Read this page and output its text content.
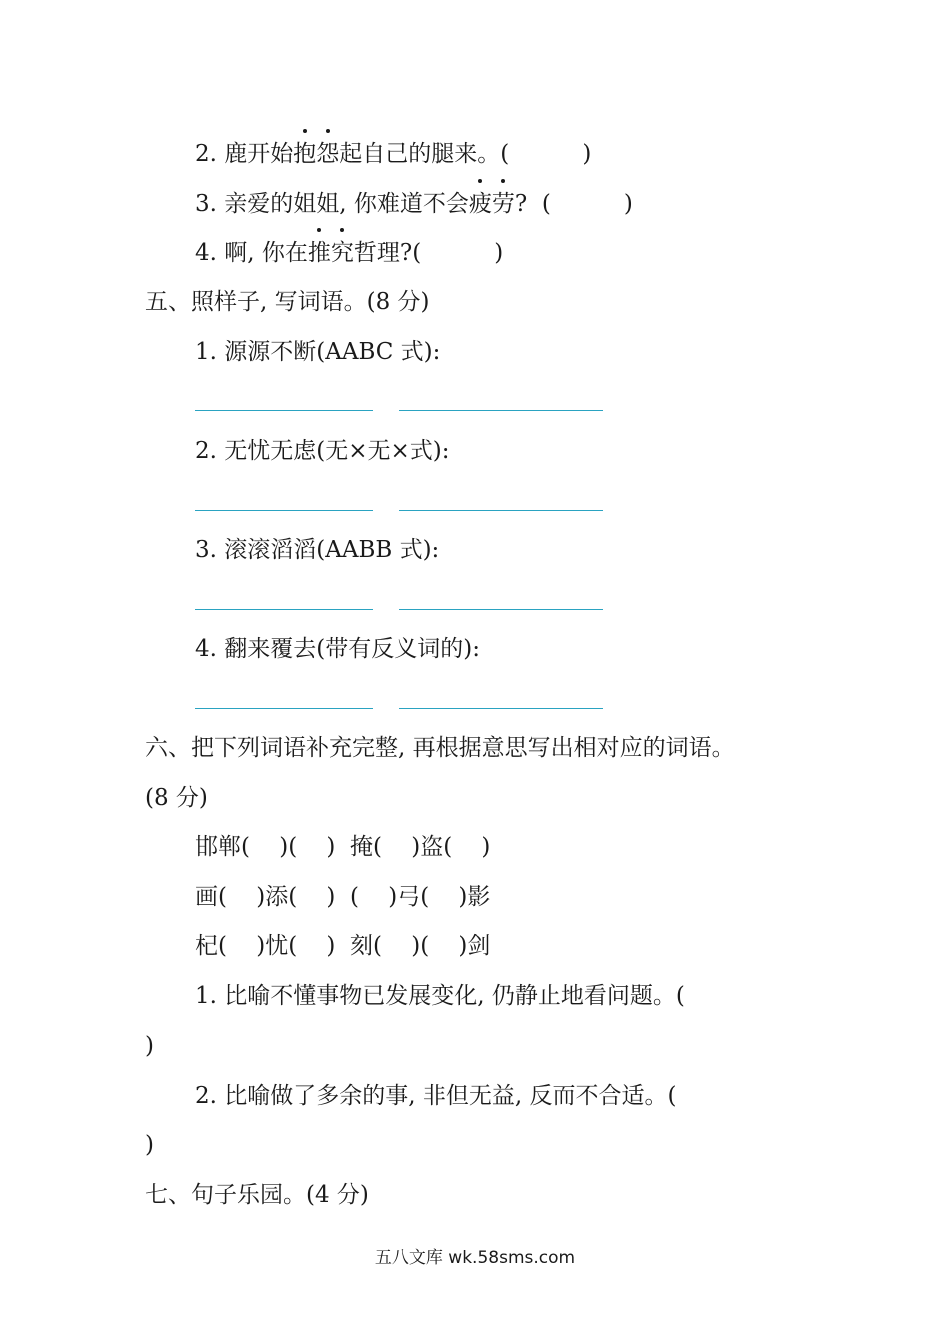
2. 鹿开始抱怨起自己的腿来。(          )
3. 亲爱的姐姐, 你难道不会疲劳?  (          )
4. 啊, 你在推究哲理?(          )
五、照样子, 写词语。(8 分)
1. 源源不断(AABC 式):
2. 无忧无虑(无×无×式):
3. 滚滚滔滔(AABB 式):
4. 翻来覆去(带有反义词的):
六、把下列词语补充完整, 再根据意思写出相对应的词语。
(8 分)
邯郸(    )(    )  掩(    )盗(    )
画(    )添(    )  (    )弓(    )影
杞(    )忧(    )  刻(    )(    )剑
1. 比喻不懂事物已发展变化, 仍静止地看问题。(
)
2. 比喻做了多余的事, 非但无益, 反而不合适。(
)
七、句子乐园。(4 分)
五八文库 wk.58sms.com
